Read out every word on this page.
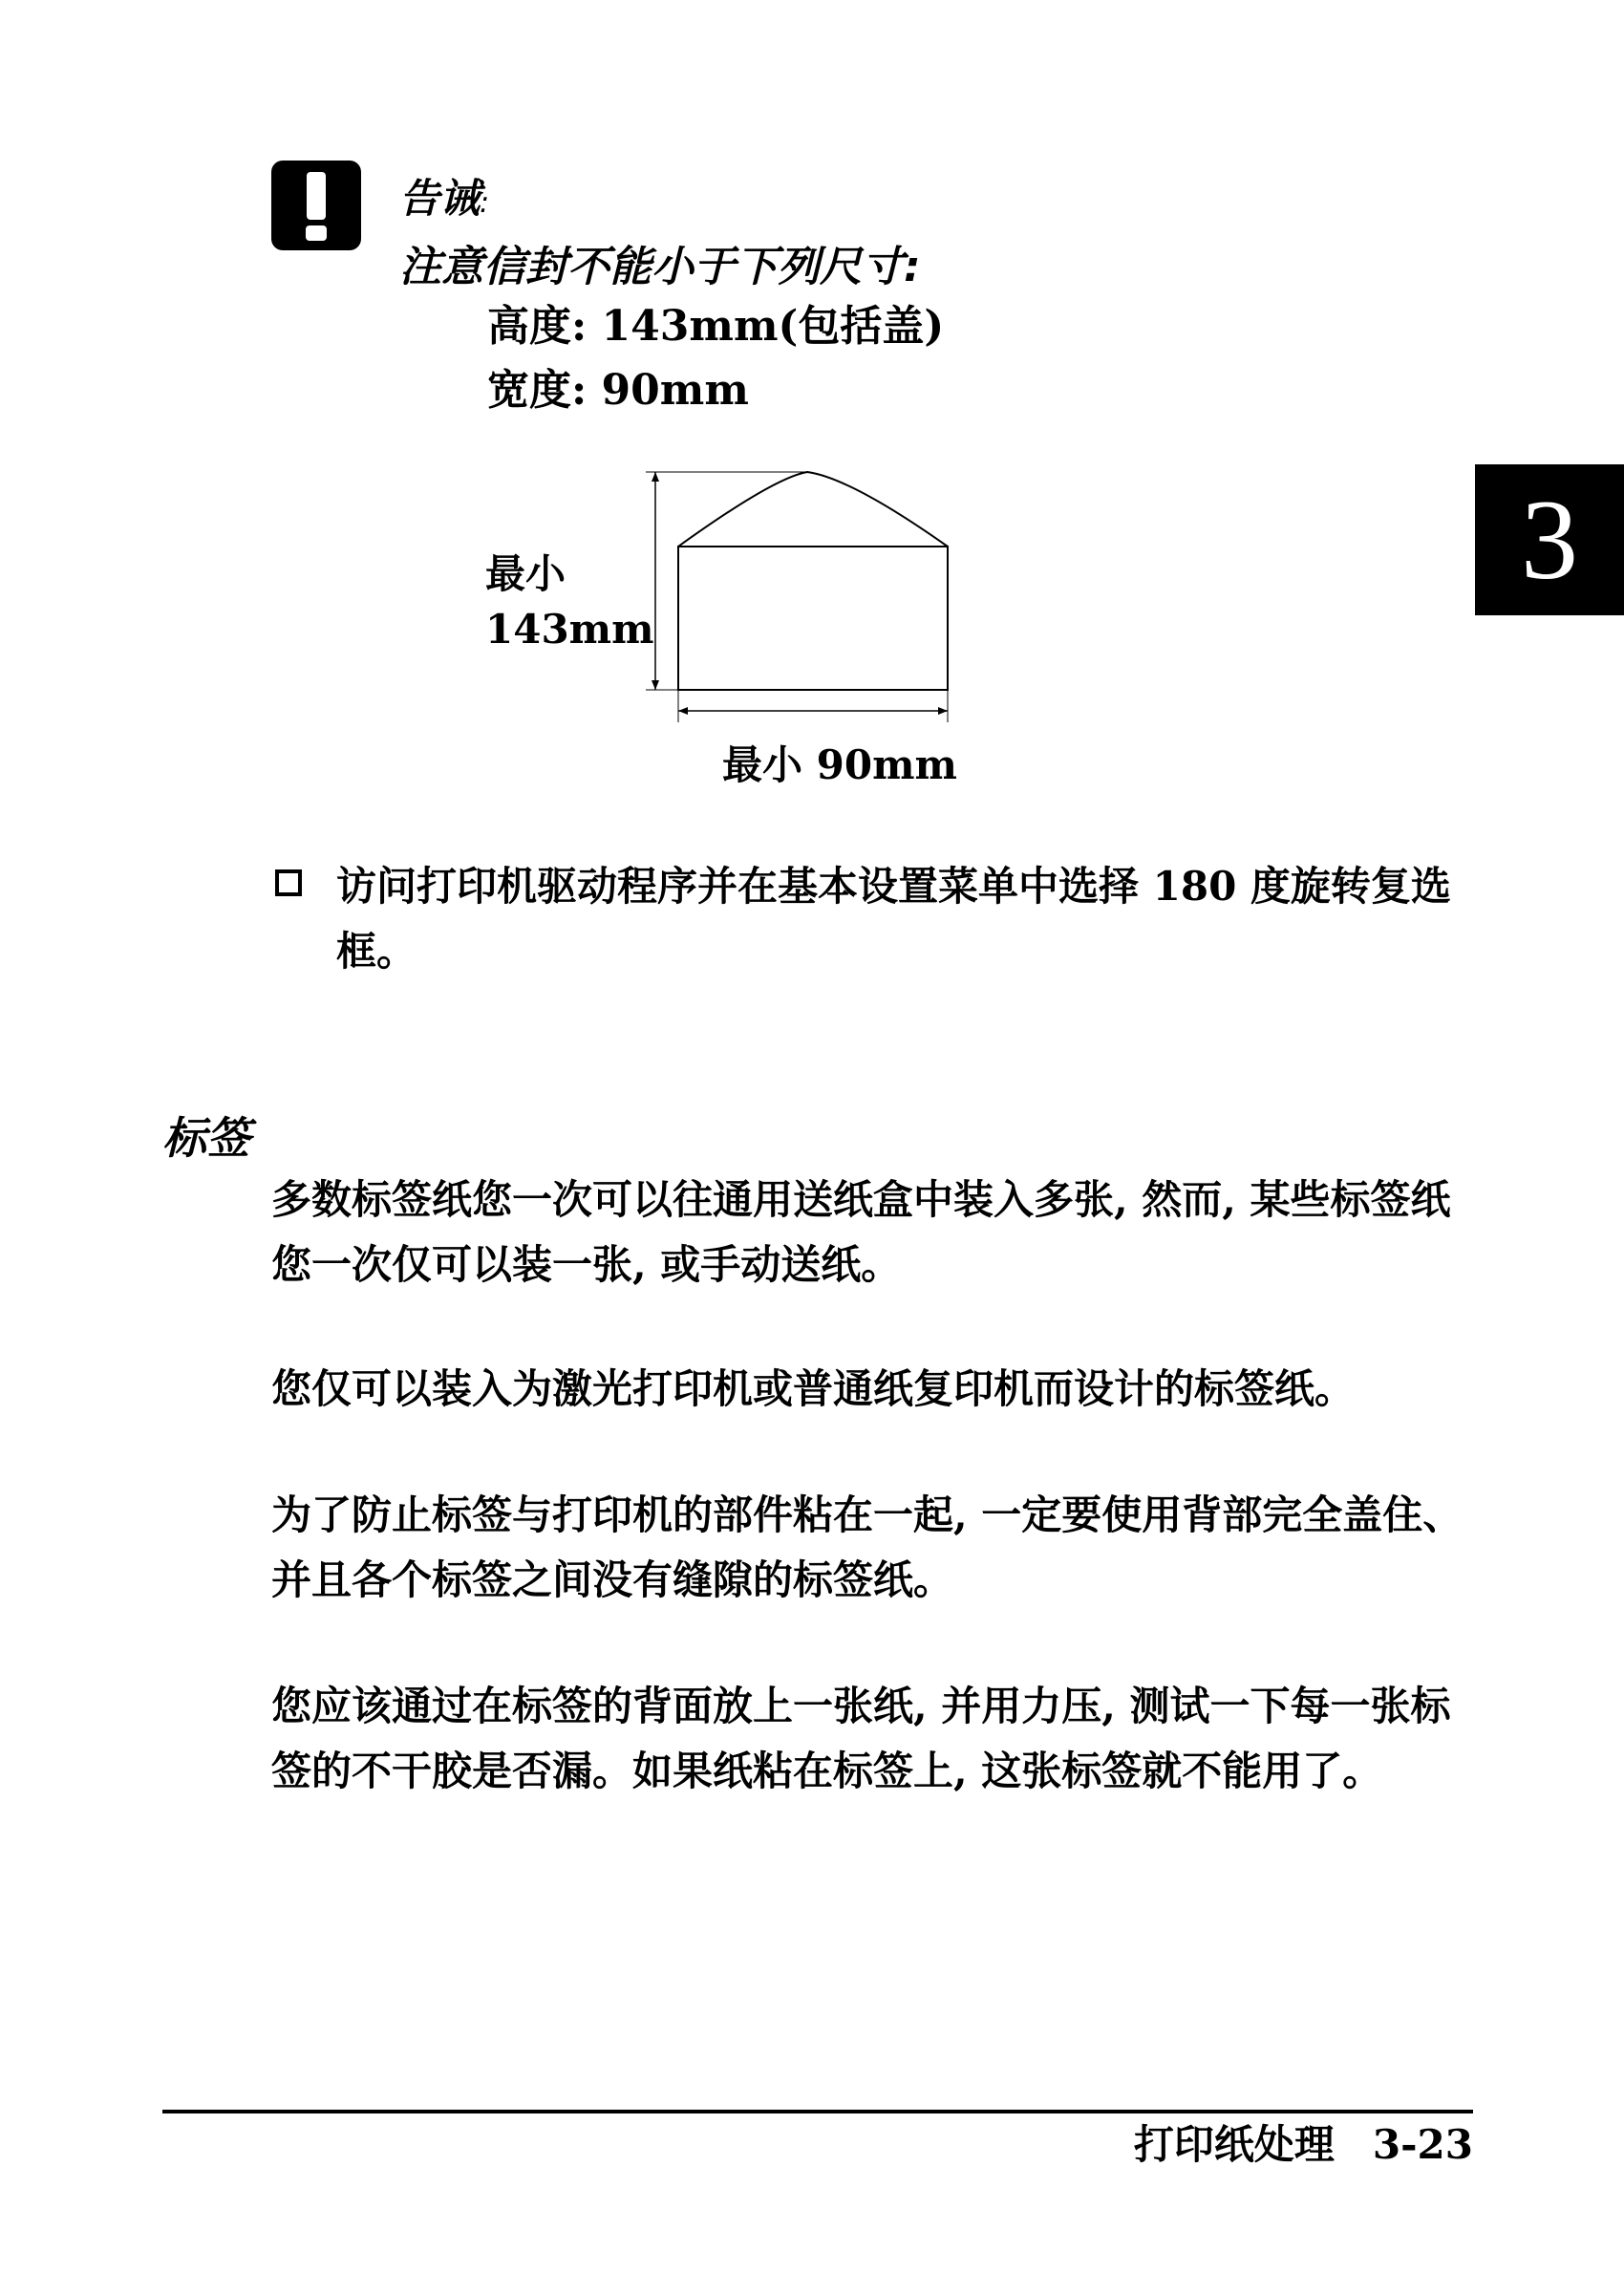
告诫:
注意信封不能小于下列尺寸:
高度: 143mm(包括盖)
宽度: 90mm
3
最小
143mm
最小 90mm
访问打印机驱动程序并在基本设置菜单中选择 180 度旋转复选框。
标签
多数标签纸您一次可以往通用送纸盒中装入多张, 然而, 某些标签纸您一次仅可以装一张, 或手动送纸。
您仅可以装入为激光打印机或普通纸复印机而设计的标签纸。
为了防止标签与打印机的部件粘在一起, 一定要使用背部完全盖住、并且各个标签之间没有缝隙的标签纸。
您应该通过在标签的背面放上一张纸, 并用力压, 测试一下每一张标签的不干胶是否漏。如果纸粘在标签上, 这张标签就不能用了。
打印纸处理 3-23
